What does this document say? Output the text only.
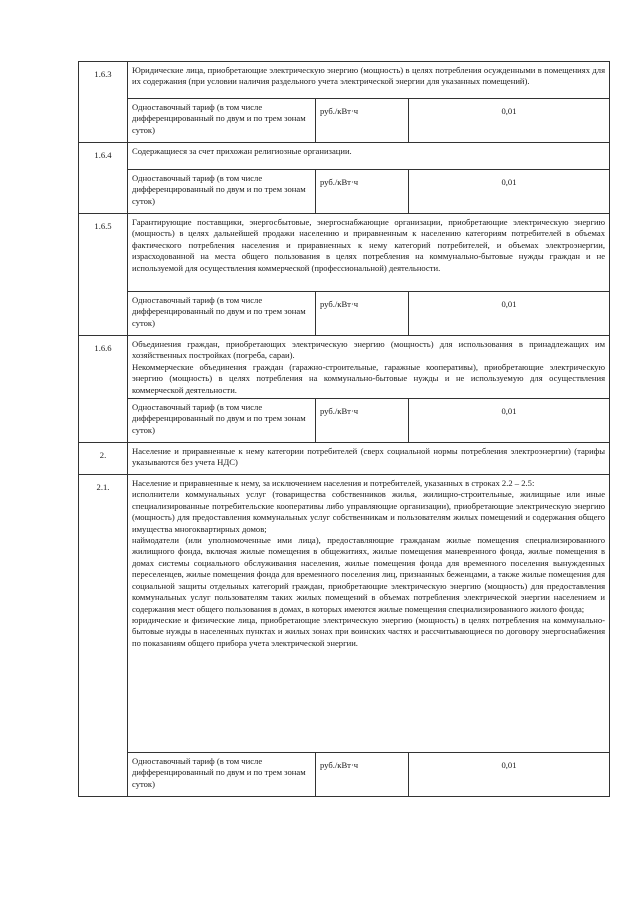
1.6.3	Юридические лица, приобретающие электрическую энергию (мощность) в целях потребления осужденными в помещениях для их содержания (при условии наличия раздельного учета электрической энергии для указанных помещений).		

	Одноставочный тариф (в том числе дифференцированный по двум и по трем зонам суток)	руб./кВт·ч	0,01
1.6.4	Содержащиеся за счет прихожан религиозные организации.		

	Одноставочный тариф (в том числе дифференцированный по двум и по трем зонам суток)	руб./кВт·ч	0,01
1.6.5	Гарантирующие поставщики, энергосбытовые, энергоснабжающие организации, приобретающие электрическую энергию (мощность) в целях дальнейшей продажи населению и приравненным к населению категориям потребителей в объемах фактического потребления населения и приравненных к нему категорий потребителей, и объемах электроэнергии, израсходованной на места общего пользования в целях потребления на коммунально-бытовые нужды граждан и не используемой для осуществления коммерческой (профессиональной) деятельности.		

	Одноставочный тариф (в том числе дифференцированный по двум и по трем зонам суток)	руб./кВт·ч	0,01
1.6.6	Объединения граждан, приобретающих электрическую энергию (мощность) для использования в принадлежащих им хозяйственных постройках (погреба, сараи).
Некоммерческие объединения граждан (гаражно-строительные, гаражные кооперативы), приобретающие электрическую энергию (мощность) в целях потребления на коммунально-бытовые нужды и не используемую для осуществления коммерческой деятельности.		

	Одноставочный тариф (в том числе дифференцированный по двум и по трем зонам суток)	руб./кВт·ч	0,01
2.	Население и приравненные к нему категории потребителей (сверх социальной нормы потребления электроэнергии) (тарифы указываются без учета НДС)		

2.1.	Население и приравненные к нему, за исключением населения и потребителей, указанных в строках 2.2 – 2.5:
исполнители коммунальных услуг (товарищества собственников жилья, жилищно-строительные, жилищные или иные специализированные потребительские кооперативы либо управляющие организации), приобретающие электрическую энергию (мощность) для предоставления коммунальных услуг собственникам и пользователям жилых помещений и содержания общего имущества многоквартирных домов;
наймодатели (или уполномоченные ими лица), предоставляющие гражданам жилые помещения специализированного жилищного фонда, включая жилые помещения в общежитиях, жилые помещения маневренного фонда, жилые помещения в домах системы социального обслуживания населения, жилые помещения фонда для временного поселения вынужденных переселенцев, жилые помещения фонда для временного поселения лиц, признанных беженцами, а также жилые помещения для социальной защиты отдельных категорий граждан, приобретающие электрическую энергию (мощность) для предоставления коммунальных услуг пользователям таких жилых помещений в объемах потребления электрической энергии населением и содержания мест общего пользования в домах, в которых имеются жилые помещения специализированного жилого фонда;
юридические и физические лица, приобретающие электрическую энергию (мощность) в целях потребления на коммунально-бытовые нужды в населенных пунктах и жилых зонах при воинских частях и рассчитывающиеся по договору энергоснабжения по показаниям общего прибора учета электрической энергии.		

	Одноставочный тариф (в том числе дифференцированный по двум и по трем зонам суток)	руб./кВт·ч	0,01
